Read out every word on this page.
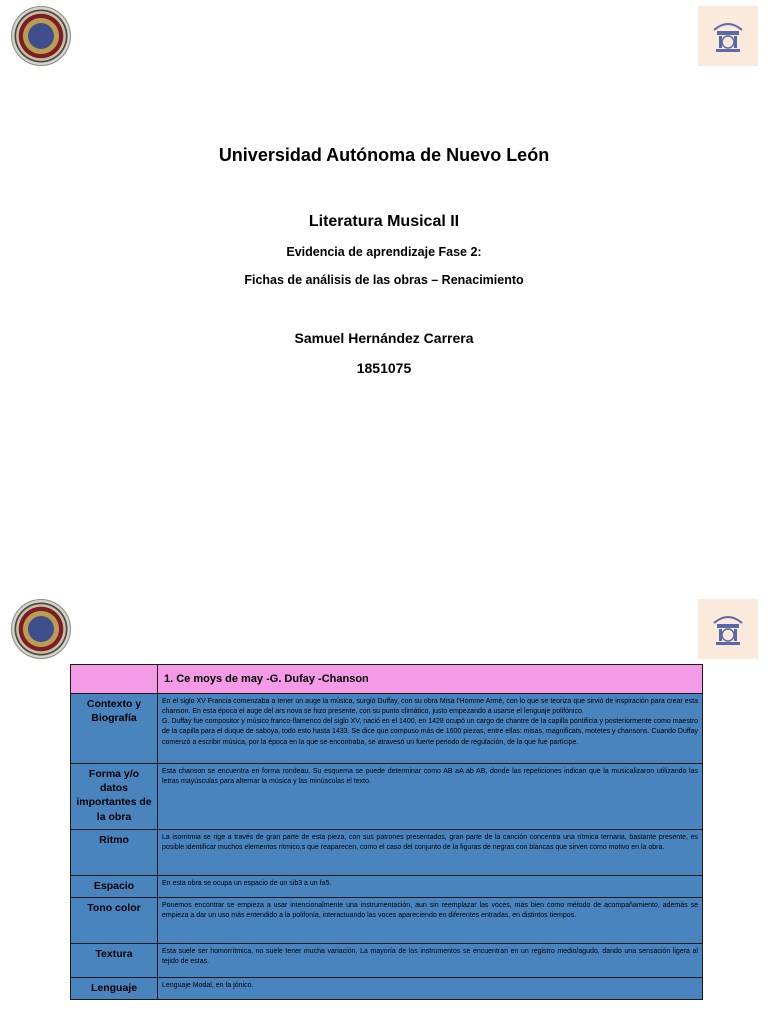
Universidad Autónoma de Nuevo León
Literatura Musical II
Evidencia de aprendizaje Fase 2:
Fichas de análisis de las obras – Renacimiento
Samuel Hernández Carrera
1851075
	1. Ce moys de may -G. Dufay -Chanson
Contexto y Biografía	En el siglo XV Francia comenzaba a tener un auge la música, surgió Duffay, con su obra Misa l'Homme Armé, con lo que se teoriza que sirvió de inspiración para crear esta chanson. En esta época el auge del ars nova se hizo presente, con su punto climático, justo empezando a usarse el lenguaje polifónico.
G. Duffay fue compositor y músico franco-flamenco del siglo XV, nació en el 1400, en 1428 ocupó un cargo de chantre de la capilla pontificia y posteriormente como maestro de la capilla para el duque de saboya, todo esto hasta 1433. Se dice que compuso más de 1600 piezas, entre ellas: misas, magnificats, motetes y chansons. Cuando Duffay comenzó a escribir música, por la época en la que se encontraba, se atravesó un fuerte periodo de regulación, de la que fue partícipe.
Forma y/o datos importantes de la obra	Esta chanson se encuentra en forma rondeau. Su esquema se puede determinar como AB aA ab AB, donde las repeticiones indican que la musicalizaron utilizando las letras mayúsculas para alternar la música y las minúsculas el texto.
Ritmo	La isorritmia se rige a través de gran parte de esta pieza, con sus patrones presentados, gran parte de la canción concentra una rítmica ternaria, bastante presente, es posible identificar muchos elementos rítmico,s que reaparecen, como el caso del conjunto de la figuras de negras con blancas que sirven como motivo en la obra.
Espacio	En esta obra se ocupa un espacio de un sib3 a un fa5.
Tono color	Ponemos encontrar se empieza a usar intencionalmente una instrumentación, aun sin reemplazar las voces, más bien como método de acompañamiento, además se empieza a dar un uso más entendido a la polifonía, interactuando las voces apareciendo en diferentes entradas, en distintos tiempos.
Textura	Esta suele ser homorrítmica, no suele tener mucha variación. La mayoría de los instrumentos se encuentran en un registro medio/agudo, dando una sensación ligera al tejido de estas.
Lenguaje	Lenguaje Modal, en fa jónico.
